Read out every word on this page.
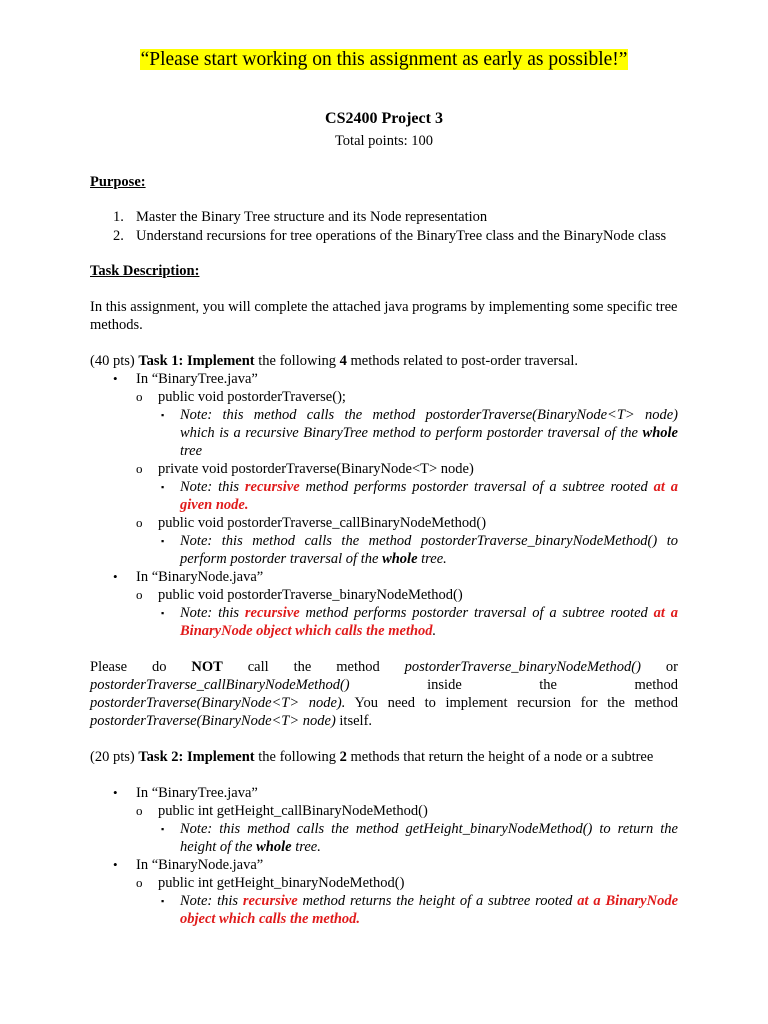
“Please start working on this assignment as early as possible!”
CS2400 Project 3
Total points: 100
Purpose:
1. Master the Binary Tree structure and its Node representation
2. Understand recursions for tree operations of the BinaryTree class and the BinaryNode class
Task Description:
In this assignment, you will complete the attached java programs by implementing some specific tree methods.
(40 pts) Task 1: Implement the following 4 methods related to post-order traversal.
• In “BinaryTree.java”
o public void postorderTraverse();
▪ Note: this method calls the method postorderTraverse(BinaryNode<T> node)
which is a recursive BinaryTree method to perform postorder traversal of the whole
tree
o private void postorderTraverse(BinaryNode<T> node)
▪ Note: this recursive method performs postorder traversal of a subtree rooted at a
given node.
o public void postorderTraverse_callBinaryNodeMethod()
▪ Note: this method calls the method postorderTraverse_binaryNodeMethod() to
perform postorder traversal of the whole tree.
• In “BinaryNode.java”
o public void postorderTraverse_binaryNodeMethod()
▪ Note: this recursive method performs postorder traversal of a subtree rooted at a
BinaryNode object which calls the method.
Please do NOT call the method postorderTraverse_binaryNodeMethod() or
postorderTraverse_callBinaryNodeMethod()	inside	the	method
postorderTraverse(BinaryNode<T> node). You need to implement recursion for the method
postorderTraverse(BinaryNode<T> node) itself.
(20 pts) Task 2: Implement the following 2 methods that return the height of a node or a subtree
• In “BinaryTree.java”
o public int getHeight_callBinaryNodeMethod()
▪ Note: this method calls the method getHeight_binaryNodeMethod() to return the
height of the whole tree.
• In “BinaryNode.java”
o public int getHeight_binaryNodeMethod()
▪ Note: this recursive method returns the height of a subtree rooted at a BinaryNode
object which calls the method.
